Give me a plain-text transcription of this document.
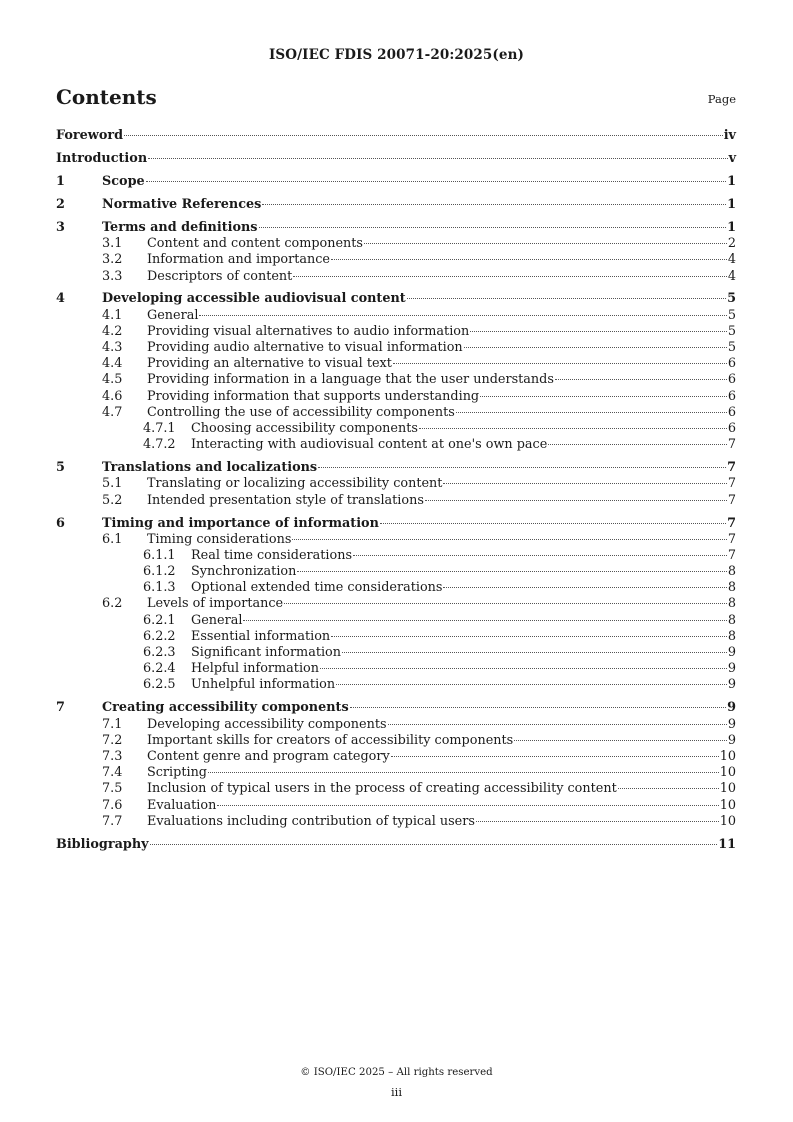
ISO/IEC FDIS 20071-20:2025(en)
Contents	Page
Foreword	iv
Introduction	v
1	Scope	1
2	Normative References	1
3	Terms and definitions	1
3.1	Content and content components	2
3.2	Information and importance	4
3.3	Descriptors of content	4
4	Developing accessible audiovisual content	5
4.1	General	5
4.2	Providing visual alternatives to audio information	5
4.3	Providing audio alternative to visual information	5
4.4	Providing an alternative to visual text	6
4.5	Providing information in a language that the user understands	6
4.6	Providing information that supports understanding	6
4.7	Controlling the use of accessibility components	6
4.7.1	Choosing accessibility components	6
4.7.2	Interacting with audiovisual content at one's own pace	7
5	Translations and localizations	7
5.1	Translating or localizing accessibility content	7
5.2	Intended presentation style of translations	7
6	Timing and importance of information	7
6.1	Timing considerations	7
6.1.1	Real time considerations	7
6.1.2	Synchronization	8
6.1.3	Optional extended time considerations	8
6.2	Levels of importance	8
6.2.1	General	8
6.2.2	Essential information	8
6.2.3	Significant information	9
6.2.4	Helpful information	9
6.2.5	Unhelpful information	9
7	Creating accessibility components	9
7.1	Developing accessibility components	9
7.2	Important skills for creators of accessibility components	9
7.3	Content genre and program category	10
7.4	Scripting	10
7.5	Inclusion of typical users in the process of creating accessibility content	10
7.6	Evaluation	10
7.7	Evaluations including contribution of typical users	10
Bibliography	11
© ISO/IEC 2025 – All rights reserved
iii
